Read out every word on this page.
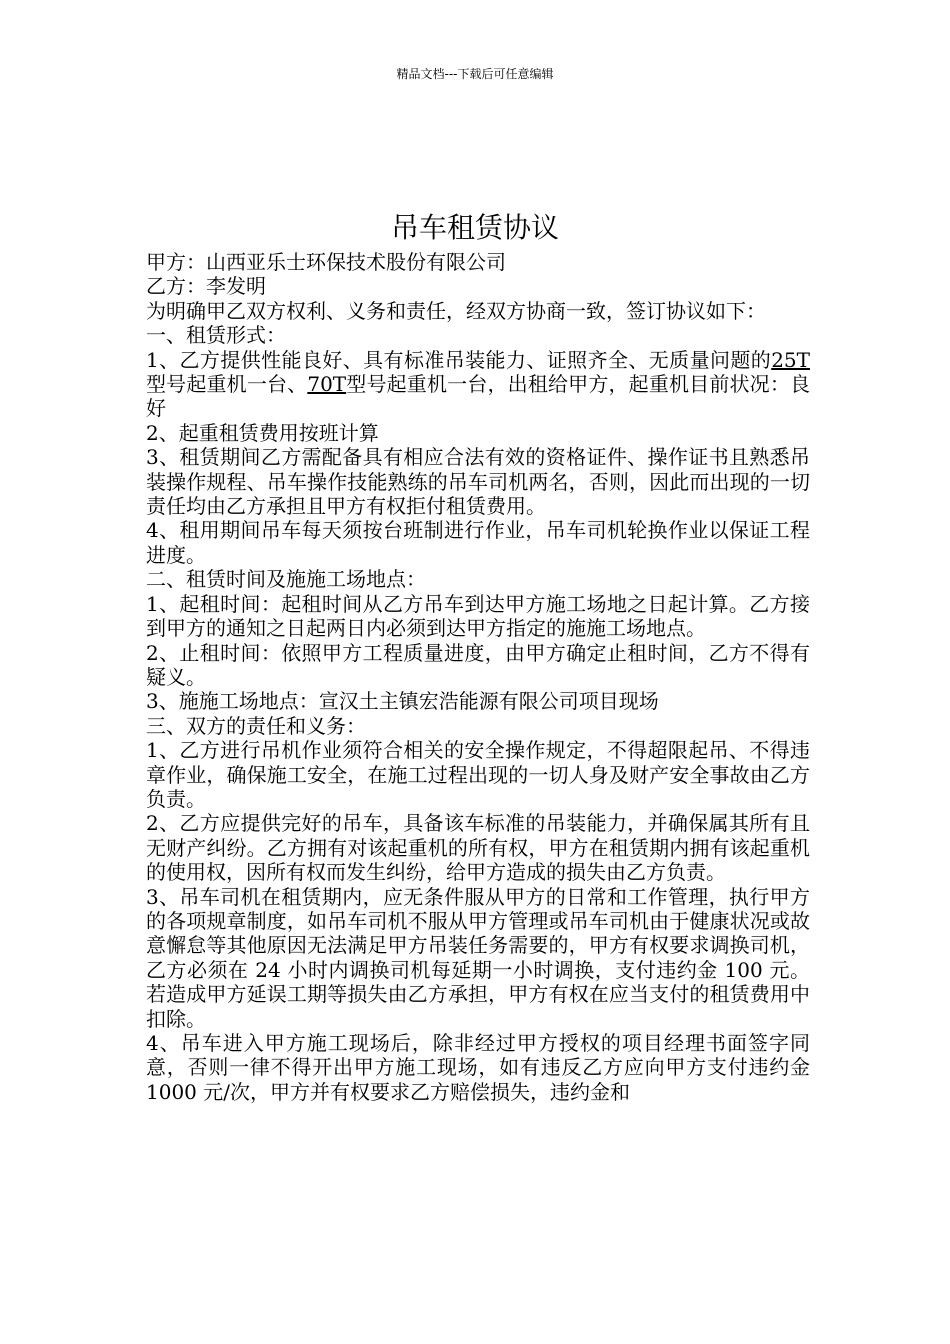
精品文档---下载后可任意编辑
吊车租赁协议

甲方：山西亚乐士环保技术股份有限公司

乙方：李发明

为明确甲乙双方权利、义务和责任，经双方协商一致，签订协议如下：

一、租赁形式：

1、乙方提供性能良好、具有标准吊装能力、证照齐全、无质量问题的25T型号起重机一台、70T型号起重机一台，出租给甲方，起重机目前状况：良好

2、起重租赁费用按班计算

3、租赁期间乙方需配备具有相应合法有效的资格证件、操作证书且熟悉吊装操作规程、吊车操作技能熟练的吊车司机两名，否则，因此而出现的一切责任均由乙方承担且甲方有权拒付租赁费用。

4、租用期间吊车每天须按台班制进行作业，吊车司机轮换作业以保证工程进度。

二、租赁时间及施施工场地点：

1、起租时间：起租时间从乙方吊车到达甲方施工场地之日起计算。乙方接到甲方的通知之日起两日内必须到达甲方指定的施施工场地点。

2、止租时间：依照甲方工程质量进度，由甲方确定止租时间，乙方不得有疑义。

3、施施工场地点：宣汉土主镇宏浩能源有限公司项目现场

三、双方的责任和义务：

1、乙方进行吊机作业须符合相关的安全操作规定，不得超限起吊、不得违章作业，确保施工安全，在施工过程出现的一切人身及财产安全事故由乙方负责。

2、乙方应提供完好的吊车，具备该车标准的吊装能力，并确保属其所有且无财产纠纷。乙方拥有对该起重机的所有权，甲方在租赁期内拥有该起重机的使用权，因所有权而发生纠纷，给甲方造成的损失由乙方负责。

3、吊车司机在租赁期内，应无条件服从甲方的日常和工作管理，执行甲方的各项规章制度，如吊车司机不服从甲方管理或吊车司机由于健康状况或故意懈怠等其他原因无法满足甲方吊装任务需要的，甲方有权要求调换司机，乙方必须在 24 小时内调换司机每延期一小时调换，支付违约金 100 元。若造成甲方延误工期等损失由乙方承担，甲方有权在应当支付的租赁费用中扣除。

4、吊车进入甲方施工现场后，除非经过甲方授权的项目经理书面签字同意，否则一律不得开出甲方施工现场，如有违反乙方应向甲方支付违约金 1000 元/次，甲方并有权要求乙方赔偿损失，违约金和
